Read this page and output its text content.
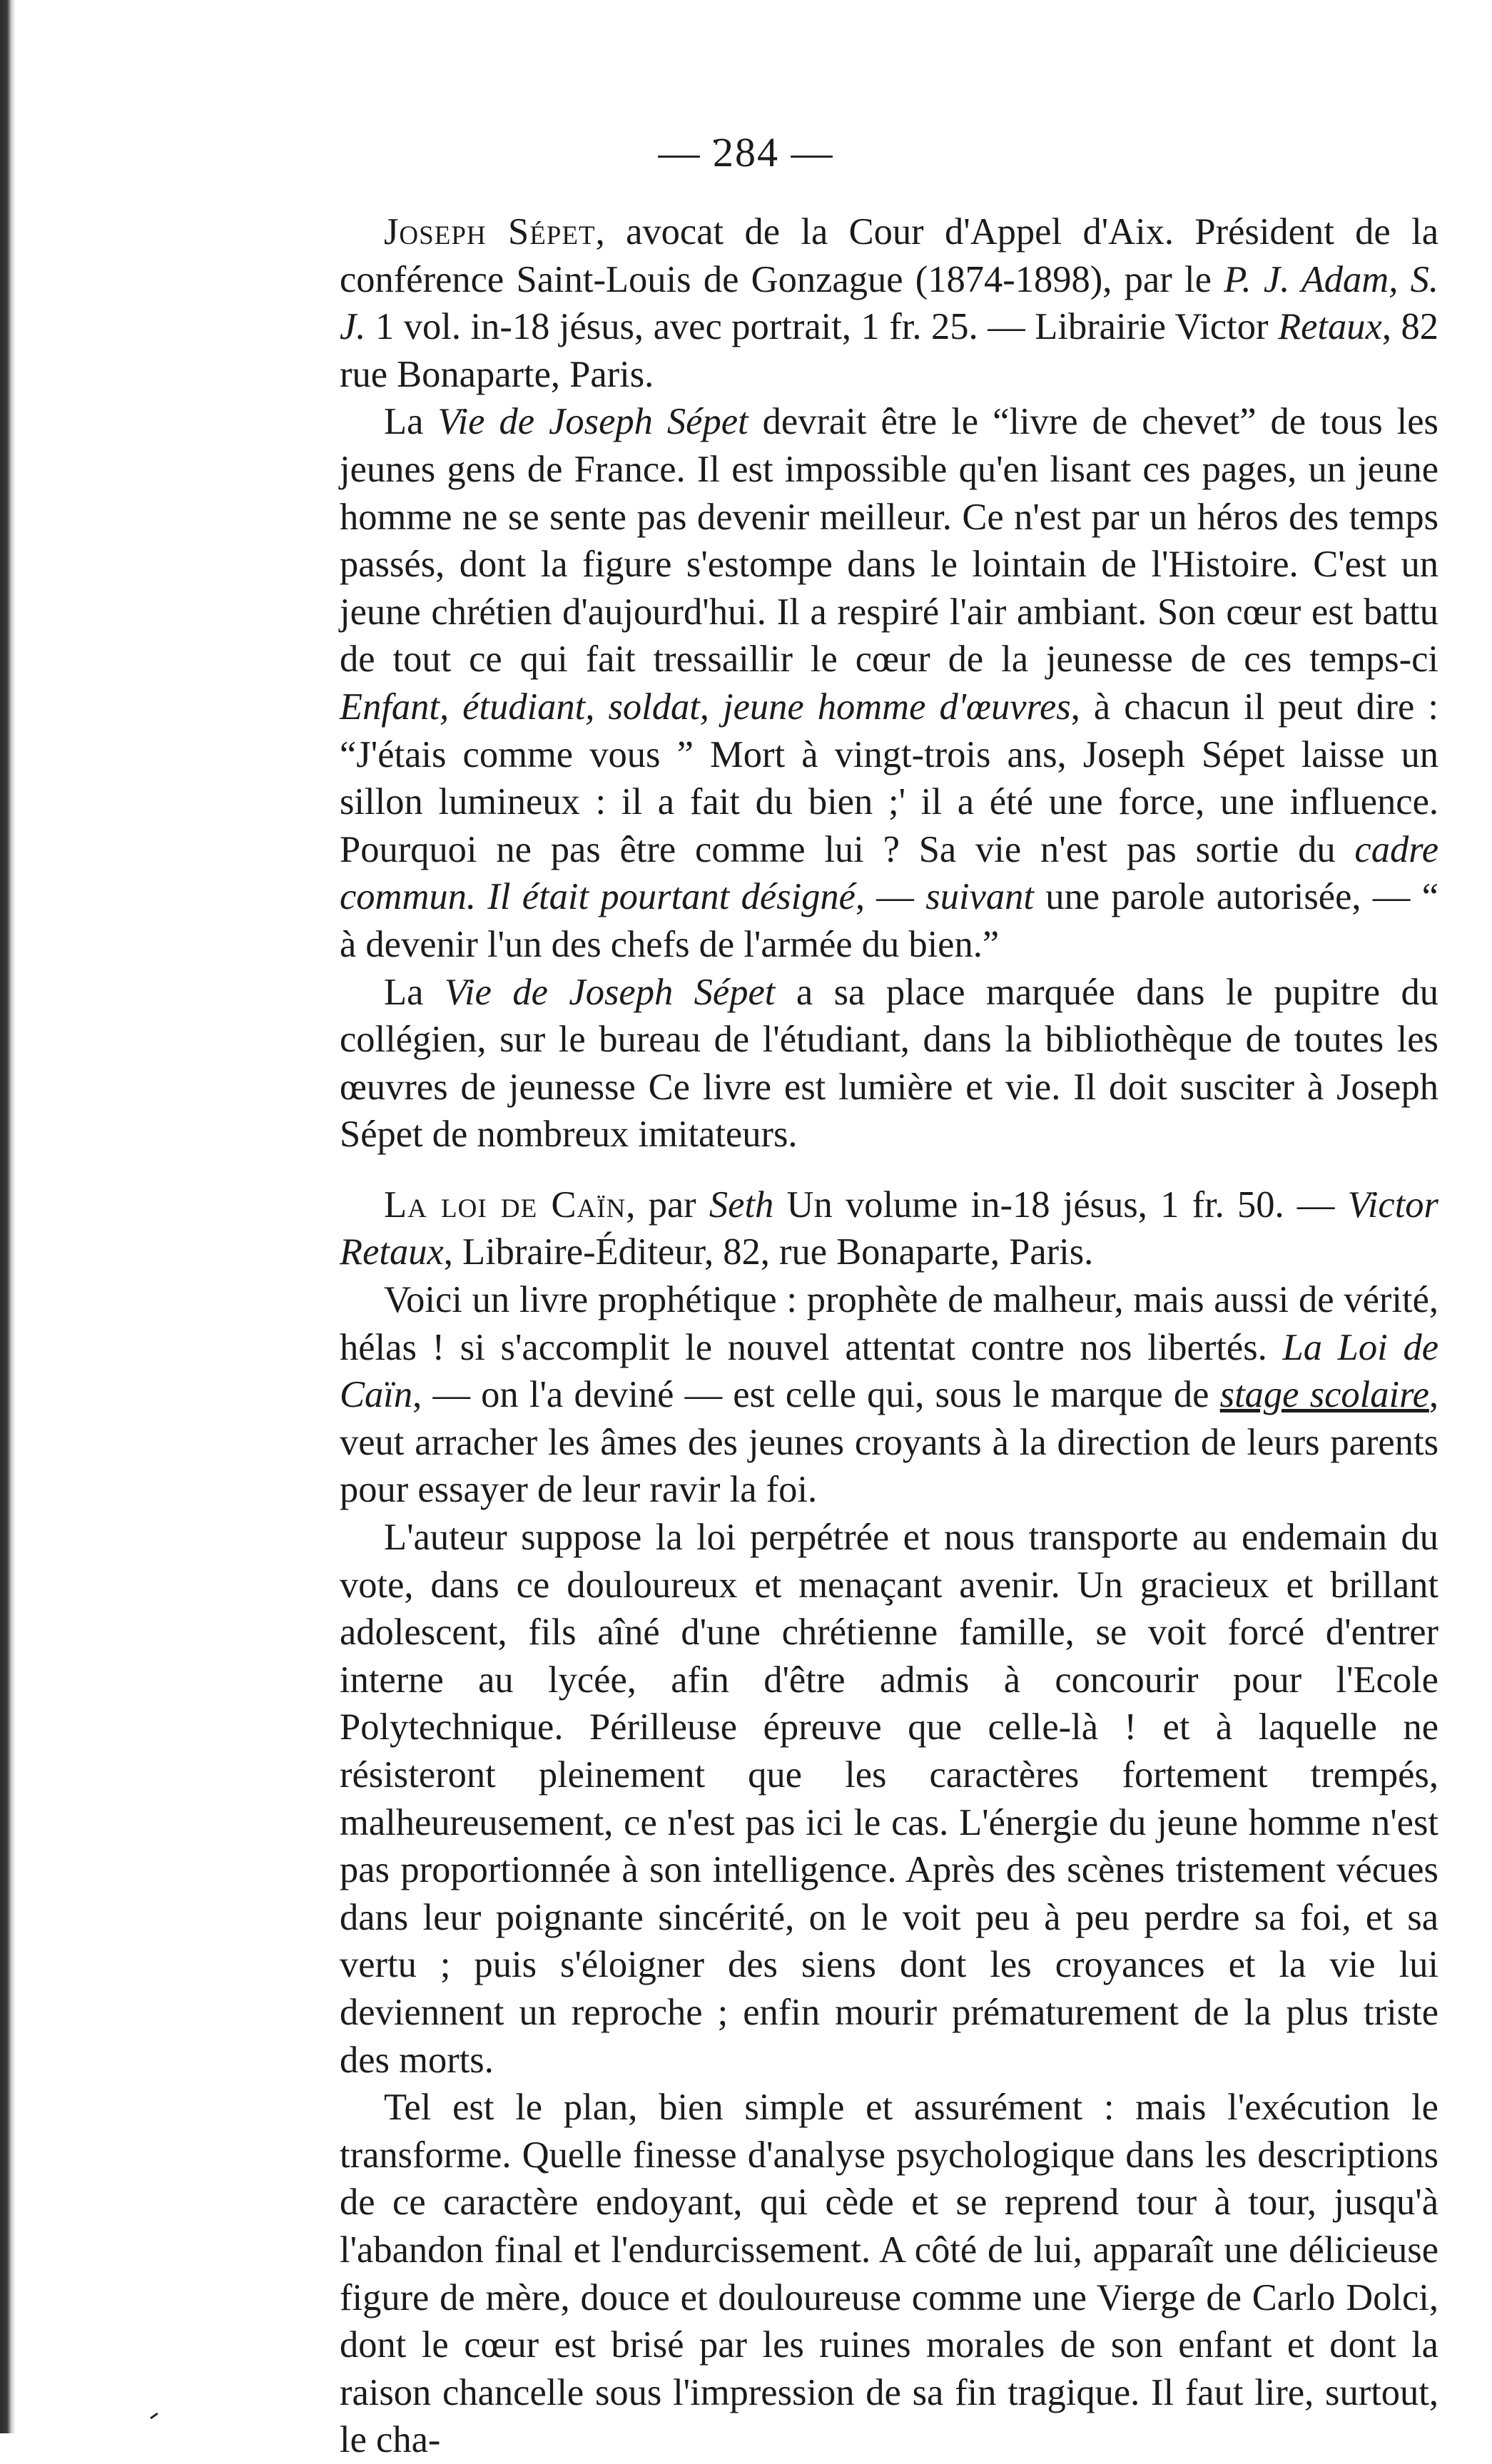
— 284 —

Joseph Sépet, avocat de la Cour d'Appel d'Aix. Président de la conférence Saint-Louis de Gonzague (1874-1898), par le P. J. Adam, S. J. 1 vol. in-18 jésus, avec portrait, 1 fr. 25. — Librairie Victor Retaux, 82 rue Bonaparte, Paris.

La Vie de Joseph Sépet devrait être le “livre de chevet” de tous les jeunes gens de France. Il est impossible qu'en lisant ces pages, un jeune homme ne se sente pas devenir meilleur. Ce n'est par un héros des temps passés, dont la figure s'estompe dans le lointain de l'Histoire. C'est un jeune chrétien d'aujourd'hui. Il a respiré l'air ambiant. Son cœur est battu de tout ce qui fait tressaillir le cœur de la jeunesse de ces temps-ci Enfant, étudiant, soldat, jeune homme d'œuvres, à chacun il peut dire : “J'étais comme vous ” Mort à vingt-trois ans, Joseph Sépet laisse un sillon lumineux : il a fait du bien ;' il a été une force, une influence. Pourquoi ne pas être comme lui ? Sa vie n'est pas sortie du cadre commun. Il était pourtant désigné, — suivant une parole autorisée, — “ à devenir l'un des chefs de l'armée du bien.”

La Vie de Joseph Sépet a sa place marquée dans le pupitre du collégien, sur le bureau de l'étudiant, dans la bibliothèque de toutes les œuvres de jeunesse Ce livre est lumière et vie. Il doit susciter à Joseph Sépet de nombreux imitateurs.

La loi de Caïn, par Seth Un volume in-18 jésus, 1 fr. 50. — Victor Retaux, Libraire-Éditeur, 82, rue Bonaparte, Paris.

Voici un livre prophétique : prophète de malheur, mais aussi de vérité, hélas ! si s'accomplit le nouvel attentat contre nos libertés. La Loi de Caïn, — on l'a deviné — est celle qui, sous le marque de stage scolaire, veut arracher les âmes des jeunes croyants à la direction de leurs parents pour essayer de leur ravir la foi.

L'auteur suppose la loi perpétrée et nous transporte au endemain du vote, dans ce douloureux et menaçant avenir. Un gracieux et brillant adolescent, fils aîné d'une chrétienne famille, se voit forcé d'entrer interne au lycée, afin d'être admis à concourir pour l'Ecole Polytechnique. Périlleuse épreuve que celle-là ! et à laquelle ne résisteront pleinement que les caractères fortement trempés, malheureusement, ce n'est pas ici le cas. L'énergie du jeune homme n'est pas proportionnée à son intelligence. Après des scènes tristement vécues dans leur poignante sincérité, on le voit peu à peu perdre sa foi, et sa vertu ; puis s'éloigner des siens dont les croyances et la vie lui deviennent un reproche ; enfin mourir prématurement de la plus triste des morts.

Tel est le plan, bien simple et assurément : mais l'exécution le transforme. Quelle finesse d'analyse psychologique dans les descriptions de ce caractère endoyant, qui cède et se reprend tour à tour, jusqu'à l'abandon final et l'endurcissement. A côté de lui, apparaît une délicieuse figure de mère, douce et douloureuse comme une Vierge de Carlo Dolci, dont le cœur est brisé par les ruines morales de son enfant et dont la raison chancelle sous l'impression de sa fin tragique. Il faut lire, surtout, le cha-
